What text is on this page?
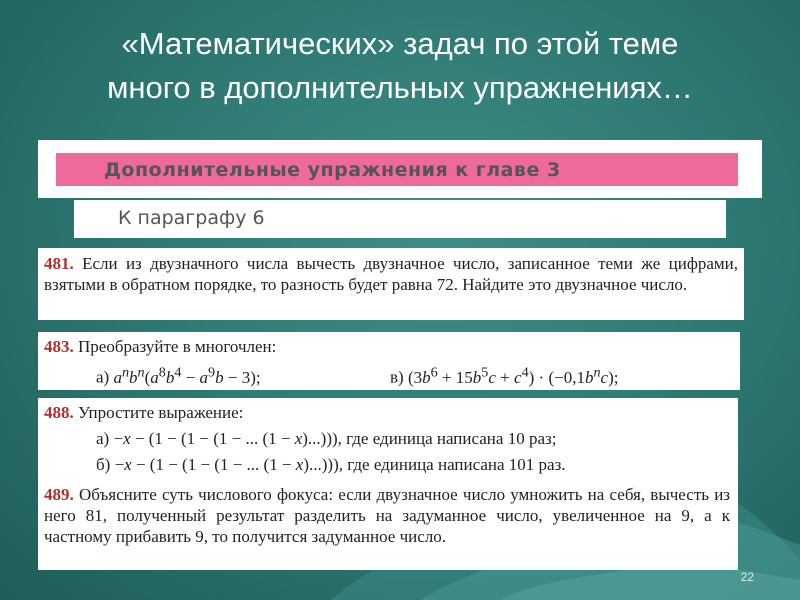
«Математических» задач по этой теме
много в дополнительных упражнениях…
Дополнительные упражнения к главе 3
К параграфу 6
481. Если из двузначного числа вычесть двузначное число, записанное теми же цифрами, взятыми в обратном порядке, то разность будет равна 72. Найдите это двузначное число.
483. Преобразуйте в многочлен:
а) $a^nb^n(a^8b^4 - a^9b - 3)$;	в) $(3b^6 + 15b^5c + c^4) \cdot (-0,1b^nc)$;
488. Упростите выражение:
а) −x − (1 − (1 − (1 − ... (1 − x)...))), где единица написана 10 раз;
б) −x − (1 − (1 − (1 − ... (1 − x)...))), где единица написана 101 раз.
489. Объясните суть числового фокуса: если двузначное число умножить на себя, вычесть из него 81, полученный результат разделить на задуманное число, увеличенное на 9, а к частному прибавить 9, то получится задуманное число.
22
